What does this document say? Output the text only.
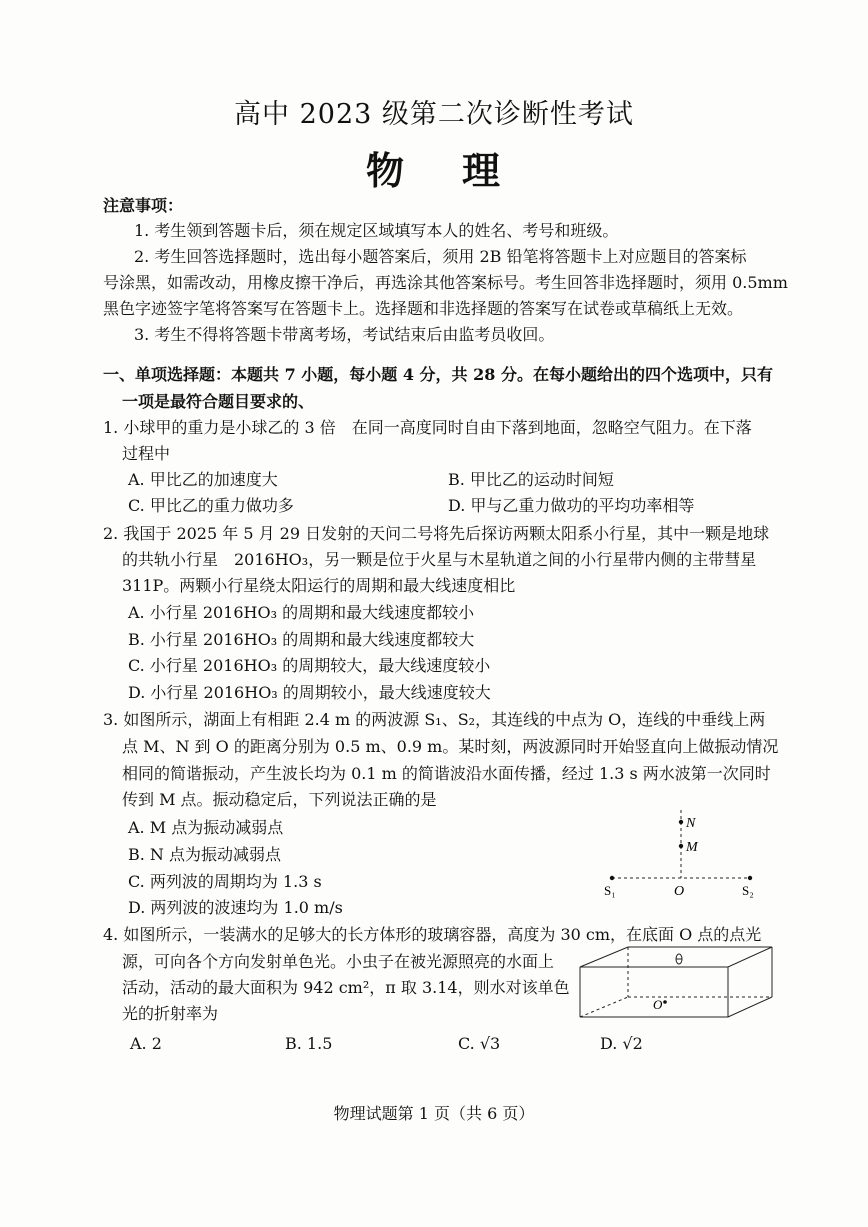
高中 2023 级第二次诊断性考试
物 理
注意事项：
1. 考生领到答题卡后，须在规定区域填写本人的姓名、考号和班级。
2. 考生回答选择题时，选出每小题答案后，须用 2B 铅笔将答题卡上对应题目的答案标
号涂黑，如需改动，用橡皮擦干净后，再选涂其他答案标号。考生回答非选择题时，须用 0.5mm
黑色字迹签字笔将答案写在答题卡上。选择题和非选择题的答案写在试卷或草稿纸上无效。
3. 考生不得将答题卡带离考场，考试结束后由监考员收回。
一、单项选择题：本题共 7 小题，每小题 4 分，共 28 分。在每小题给出的四个选项中，只有
一项是最符合题目要求的、
1. 小球甲的重力是小球乙的 3 倍　在同一高度同时自由下落到地面，忽略空气阻力。在下落
过程中
A. 甲比乙的加速度大	B. 甲比乙的运动时间短
C. 甲比乙的重力做功多	D. 甲与乙重力做功的平均功率相等
2. 我国于 2025 年 5 月 29 日发射的天问二号将先后探访两颗太阳系小行星，其中一颗是地球
的共轨小行星　2016HO₃，另一颗是位于火星与木星轨道之间的小行星带内侧的主带彗星
311P。两颗小行星绕太阳运行的周期和最大线速度相比
A. 小行星 2016HO₃ 的周期和最大线速度都较小
B. 小行星 2016HO₃ 的周期和最大线速度都较大
C. 小行星 2016HO₃ 的周期较大，最大线速度较小
D. 小行星 2016HO₃ 的周期较小，最大线速度较大
3. 如图所示，湖面上有相距 2.4 m 的两波源 S₁、S₂，其连线的中点为 O，连线的中垂线上两
点 M、N 到 O 的距离分别为 0.5 m、0.9 m。某时刻，两波源同时开始竖直向上做振动情况
相同的简谐振动，产生波长均为 0.1 m 的简谐波沿水面传播，经过 1.3 s 两水波第一次同时
传到 M 点。振动稳定后，下列说法正确的是
A. M 点为振动减弱点
B. N 点为振动减弱点
C. 两列波的周期均为 1.3 s
D. 两列波的波速均为 1.0 m/s
N
M
O
S₁	S₂
4. 如图所示，一装满水的足够大的长方体形的玻璃容器，高度为 30 cm，在底面 O 点的点光
源，可向各个方向发射单色光。小虫子在被光源照亮的水面上
活动，活动的最大面积为 942 cm²，π 取 3.14，则水对该单色
光的折射率为
A. 2	B. 1.5	C. √3	D. √2
O
物理试题第 1 页（共 6 页）
